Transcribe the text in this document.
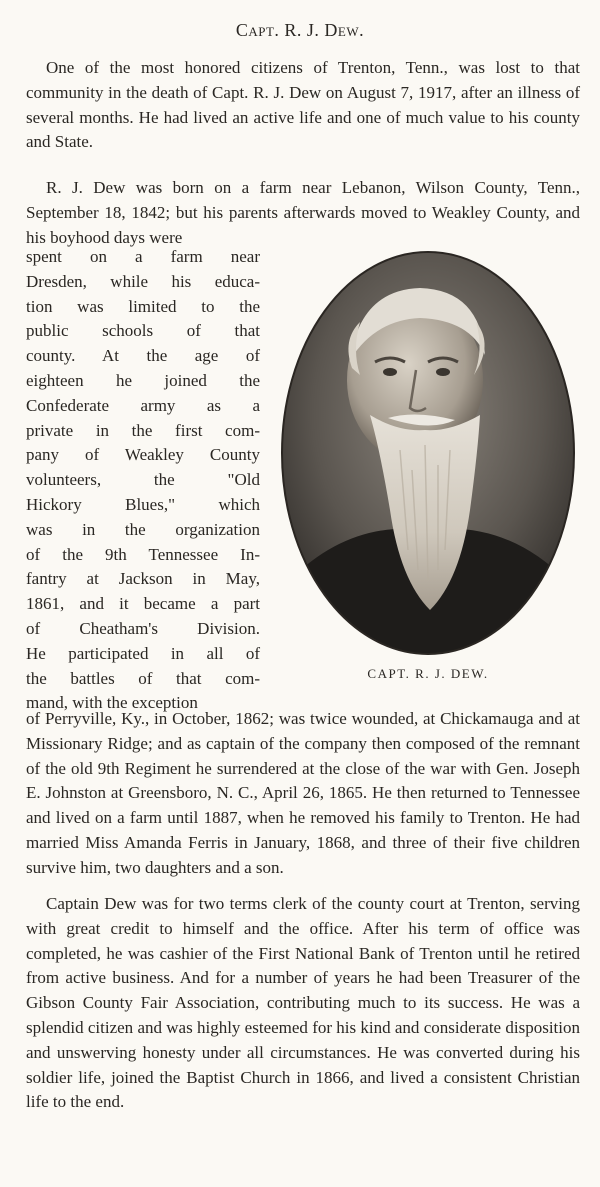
Capt. R. J. Dew.

One of the most honored citizens of Trenton, Tenn., was lost to that community in the death of Capt. R. J. Dew on August 7, 1917, after an illness of several months. He had lived an active life and one of much value to his county and State.

R. J. Dew was born on a farm near Lebanon, Wilson County, Tenn., September 18, 1842; but his parents afterwards moved to Weakley County, and his boyhood days were

spent on a farm near
Dresden, while his educa-
tion was limited to the
public schools of that
county. At the age of
eighteen he joined the
Confederate army as a
private in the first com-
pany of Weakley County
volunteers, the "Old
Hickory Blues," which
was in the organization
of the 9th Tennessee In-
fantry at Jackson in May,
1861, and it became a part
of Cheatham's Division.
He participated in all of
the battles of that com-
mand, with the exception
CAPT. R. J. DEW.

of Perryville, Ky., in October, 1862; was twice wounded, at Chickamauga and at Missionary Ridge; and as captain of the company then composed of the remnant of the old 9th Regiment he surrendered at the close of the war with Gen. Joseph E. Johnston at Greensboro, N. C., April 26, 1865. He then returned to Tennessee and lived on a farm until 1887, when he removed his family to Trenton. He had married Miss Amanda Ferris in January, 1868, and three of their five children survive him, two daughters and a son.

Captain Dew was for two terms clerk of the county court at Trenton, serving with great credit to himself and the office. After his term of office was completed, he was cashier of the First National Bank of Trenton until he retired from active business. And for a number of years he had been Treasurer of the Gibson County Fair Association, contributing much to its success. He was a splendid citizen and was highly esteemed for his kind and considerate disposition and unswerving honesty under all circumstances. He was converted during his soldier life, joined the Baptist Church in 1866, and lived a consistent Christian life to the end.
